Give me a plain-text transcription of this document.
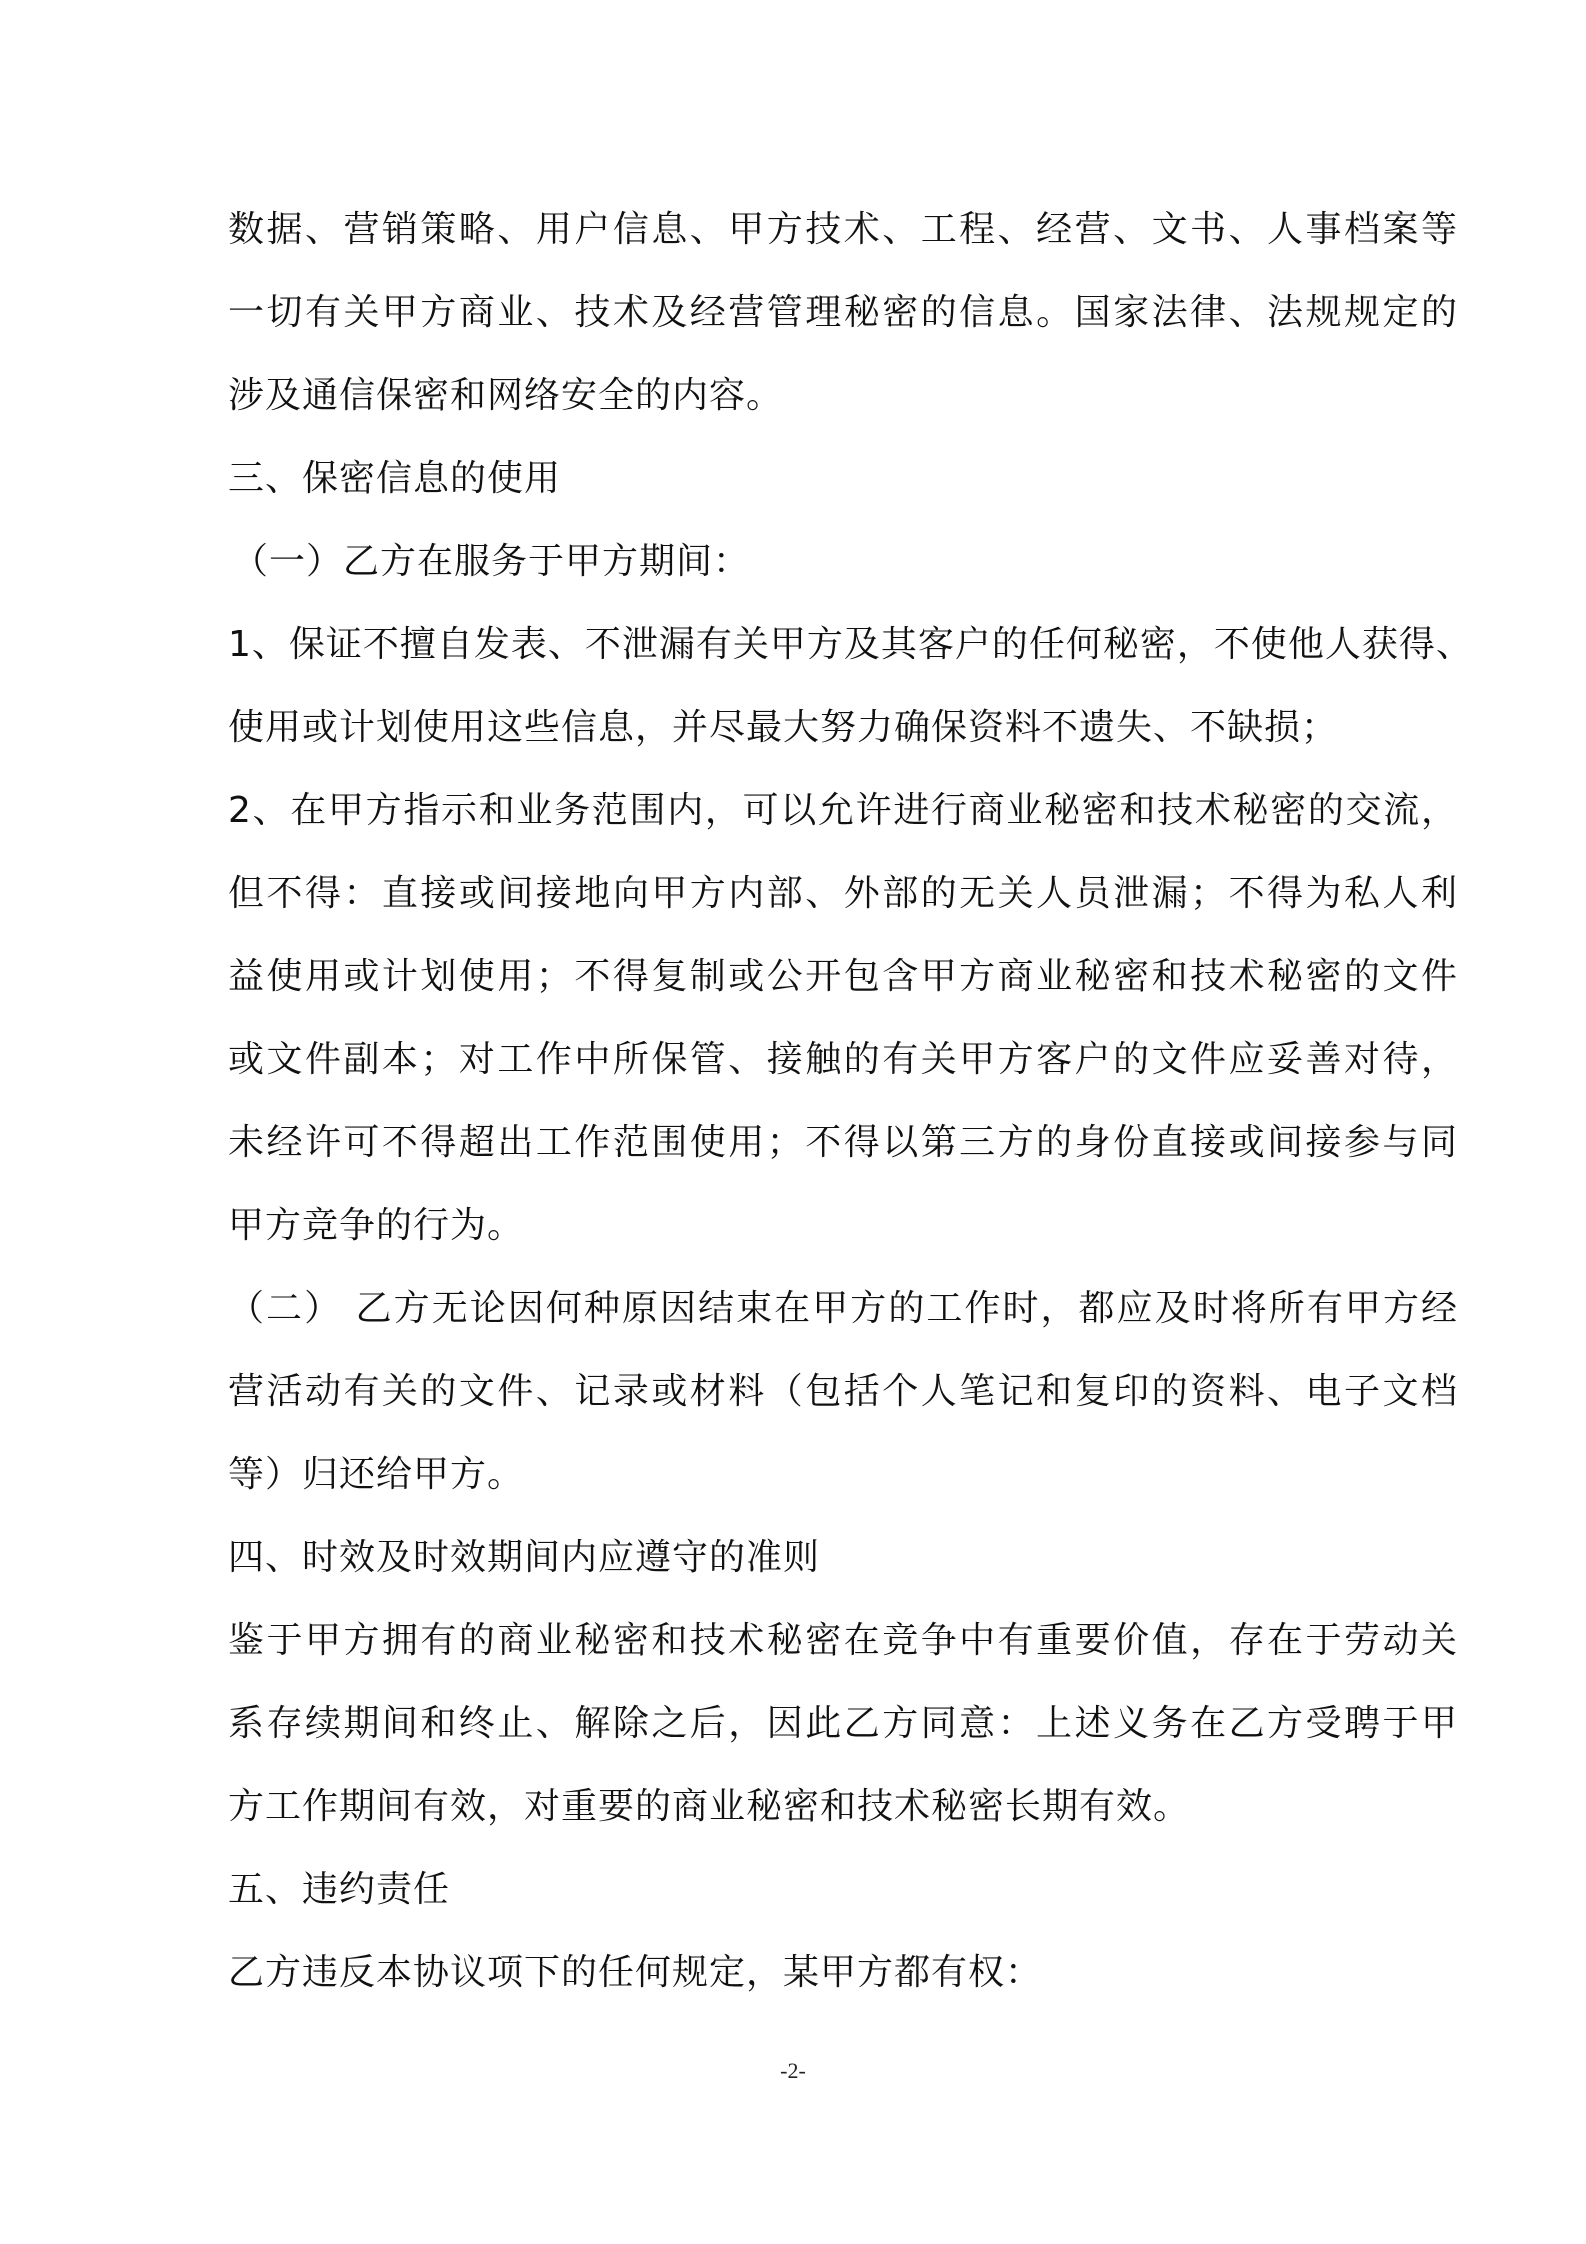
数据、营销策略、用户信息、甲方技术、工程、经营、文书、人事档案等
一切有关甲方商业、技术及经营管理秘密的信息。国家法律、法规规定的
涉及通信保密和网络安全的内容。
三、保密信息的使用
（一）乙方在服务于甲方期间：
1、保证不擅自发表、不泄漏有关甲方及其客户的任何秘密，不使他人获得、
使用或计划使用这些信息，并尽最大努力确保资料不遗失、不缺损；
2、在甲方指示和业务范围内，可以允许进行商业秘密和技术秘密的交流，
但不得：直接或间接地向甲方内部、外部的无关人员泄漏；不得为私人利
益使用或计划使用；不得复制或公开包含甲方商业秘密和技术秘密的文件
或文件副本；对工作中所保管、接触的有关甲方客户的文件应妥善对待，
未经许可不得超出工作范围使用；不得以第三方的身份直接或间接参与同
甲方竞争的行为。
（二） 乙方无论因何种原因结束在甲方的工作时，都应及时将所有甲方经
营活动有关的文件、记录或材料（包括个人笔记和复印的资料、电子文档
等）归还给甲方。
四、时效及时效期间内应遵守的准则
鉴于甲方拥有的商业秘密和技术秘密在竞争中有重要价值，存在于劳动关
系存续期间和终止、解除之后，因此乙方同意：上述义务在乙方受聘于甲
方工作期间有效，对重要的商业秘密和技术秘密长期有效。
五、违约责任
乙方违反本协议项下的任何规定，某甲方都有权：
-2-
